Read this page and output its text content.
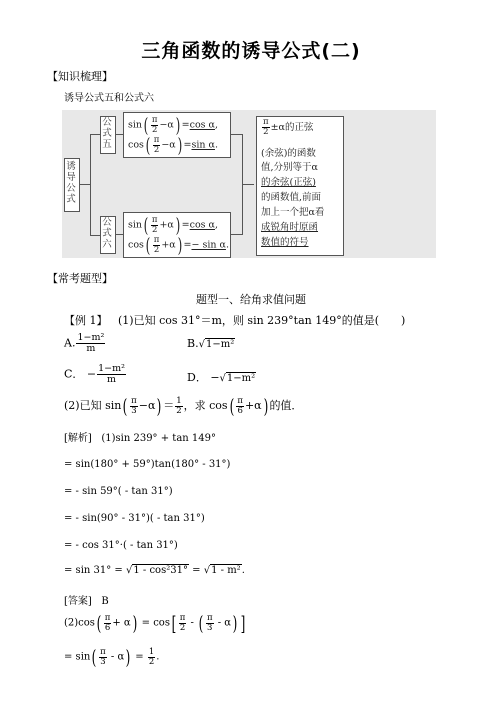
三角函数的诱导公式(二)
【知识梳理】
诱导公式五和公式六
诱
导
公
式
公
式
五
公
式
六
$\sin( \frac{\pi}{2} -\alpha) =\cos$ α,
$\cos( \frac{\pi}{2} -\alpha) =\sin$ α.
$\sin( \frac{\pi}{2} +\alpha) =\cos$ α,
$\cos( \frac{\pi}{2} +\alpha) =- \sin \alpha$.
$\frac{\pi}{2} \pm\alpha$的正弦
(余弦)的函数
值,分别等于α
的余弦(正弦)
的函数值,前面
加上一个把α看
成锐角时原函
数值的符号
【常考题型】
题型一、给角求值问题
【例 1】 (1)已知 cos 31°＝m，则 sin 239°tan 149°的值是(　　)
A. $\frac{\text{1−m²}}{m}$	B.√1−m²
C． − $\frac{\text{1−m²}}{m}$	D． −√1−m²
(2)已知 $\sin( \frac{\pi}{3} -\alpha) = \frac{1}{2}$ ，求 $\cos( \frac{\pi}{6} +\alpha)$ 的值．
[解析] (1)sin 239° + tan 149°
= sin(180° + 59°)tan(180° - 31°)
= - sin 59°( - tan 31°)
= - sin(90° - 31°)( - tan 31°)
= - cos 31°·( - tan 31°)
= sin 31° = √1 - cos²31° = √1 - m².
[答案] B
$(2)\cos( \frac{\pi}{6} + \alpha) = \cos[ \frac{\pi}{2}$ - ( $\frac{\pi}{3} - \alpha$) ]
= $\sin( \frac{\pi}{3} - \alpha) = \frac{1}{2}$ .
